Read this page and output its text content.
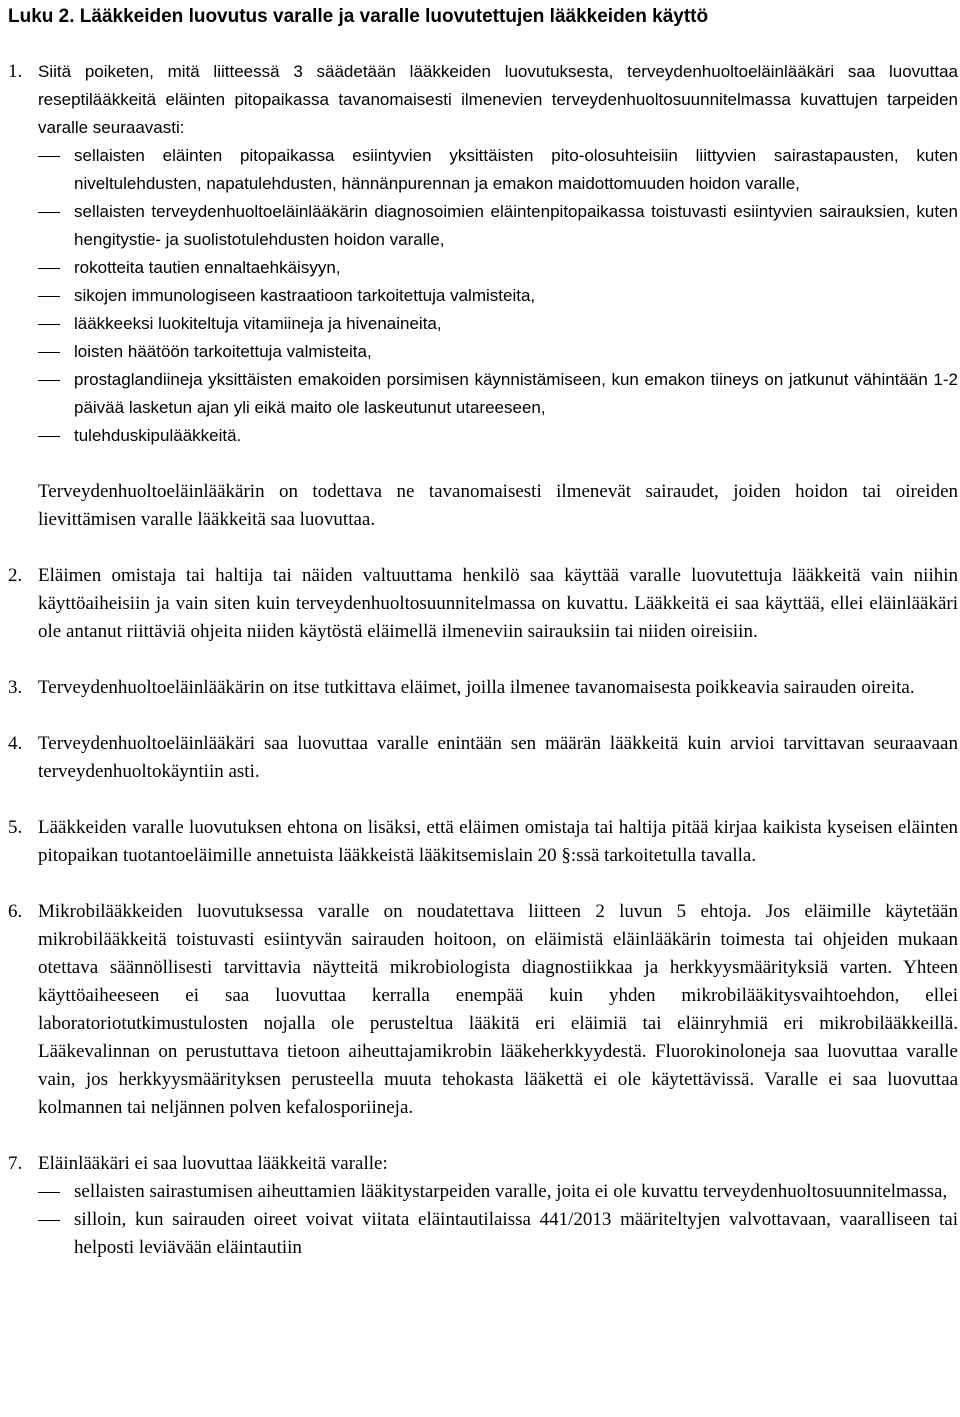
Luku 2. Lääkkeiden luovutus varalle ja varalle luovutettujen lääkkeiden käyttö
1. Siitä poiketen, mitä liitteessä 3 säädetään lääkkeiden luovutuksesta, terveydenhuoltoeläinlääkäri saa luovuttaa reseptilääkkeitä eläinten pitopaikassa tavanomaisesti ilmenevien terveydenhuoltosuunnitelmassa kuvattujen tarpeiden varalle seuraavasti:
sellaisten eläinten pitopaikassa esiintyvien yksittäisten pito-olosuhteisiin liittyvien sairastapausten, kuten niveltulehdusten, napatulehdusten, hännänpurennan ja emakon maidottomuuden hoidon varalle,
sellaisten terveydenhuoltoeläinlääkärin diagnosoimien eläintenpitopaikassa toistuvasti esiintyvien sairauksien, kuten hengitystie- ja suolistotulehdusten hoidon varalle,
rokotteita tautien ennaltaehkäisyyn,
sikojen immunologiseen kastraatioon tarkoitettuja valmisteita,
lääkkeeksi luokiteltuja vitamiineja ja hivenaineita,
loisten häätöön tarkoitettuja valmisteita,
prostaglandiineja yksittäisten emakoiden porsimisen käynnistämiseen, kun emakon tiineys on jatkunut vähintään 1-2 päivää lasketun ajan yli eikä maito ole laskeutunut utareeseen,
tulehduskipulääkkeitä.

Terveydenhuoltoeläinlääkärin on todettava ne tavanomaisesti ilmenevät sairaudet, joiden hoidon tai oireiden lievittämisen varalle lääkkeitä saa luovuttaa.

2. Eläimen omistaja tai haltija tai näiden valtuuttama henkilö saa käyttää varalle luovutettuja lääkkeitä vain niihin käyttöaiheisiin ja vain siten kuin terveydenhuoltosuunnitelmassa on kuvattu. Lääkkeitä ei saa käyttää, ellei eläinlääkäri ole antanut riittäviä ohjeita niiden käytöstä eläimellä ilmeneviin sairauksiin tai niiden oireisiin.
3. Terveydenhuoltoeläinlääkärin on itse tutkittava eläimet, joilla ilmenee tavanomaisesta poikkeavia sairauden oireita.
4. Terveydenhuoltoeläinlääkäri saa luovuttaa varalle enintään sen määrän lääkkeitä kuin arvioi tarvittavan seuraavaan terveydenhuoltokäyntiin asti.
5. Lääkkeiden varalle luovutuksen ehtona on lisäksi, että eläimen omistaja tai haltija pitää kirjaa kaikista kyseisen eläinten pitopaikan tuotantoeläimille annetuista lääkkeistä lääkitsemislain 20 §:ssä tarkoitetulla tavalla.
6. Mikrobilääkkeiden luovutuksessa varalle on noudatettava liitteen 2 luvun 5 ehtoja. Jos eläimille käytetään mikrobilääkkeitä toistuvasti esiintyvän sairauden hoitoon, on eläimistä eläinlääkärin toimesta tai ohjeiden mukaan otettava säännöllisesti tarvittavia näytteitä mikrobiologista diagnostiikkaa ja herkkyysmäärityksiä varten. Yhteen käyttöaiheeseen ei saa luovuttaa kerralla enempää kuin yhden mikrobilääkitysvaihtoehdon, ellei laboratoriotutkimustulosten nojalla ole perusteltua lääkitä eri eläimiä tai eläinryhmiä eri mikrobilääkkeillä. Lääkevalinnan on perustuttava tietoon aiheuttajamikrobin lääkeherkkyydestä. Fluorokinoloneja saa luovuttaa varalle vain, jos herkkyysmäärityksen perusteella muuta tehokasta lääkettä ei ole käytettävissä. Varalle ei saa luovuttaa kolmannen tai neljännen polven kefalosporiineja.
7. Eläinlääkäri ei saa luovuttaa lääkkeitä varalle:
sellaisten sairastumisen aiheuttamien lääkitystarpeiden varalle, joita ei ole kuvattu terveydenhuoltosuunnitelmassa,
silloin, kun sairauden oireet voivat viitata eläintautilaissa 441/2013 määriteltyjen valvottavaan, vaaralliseen tai helposti leviävään eläintautiin
